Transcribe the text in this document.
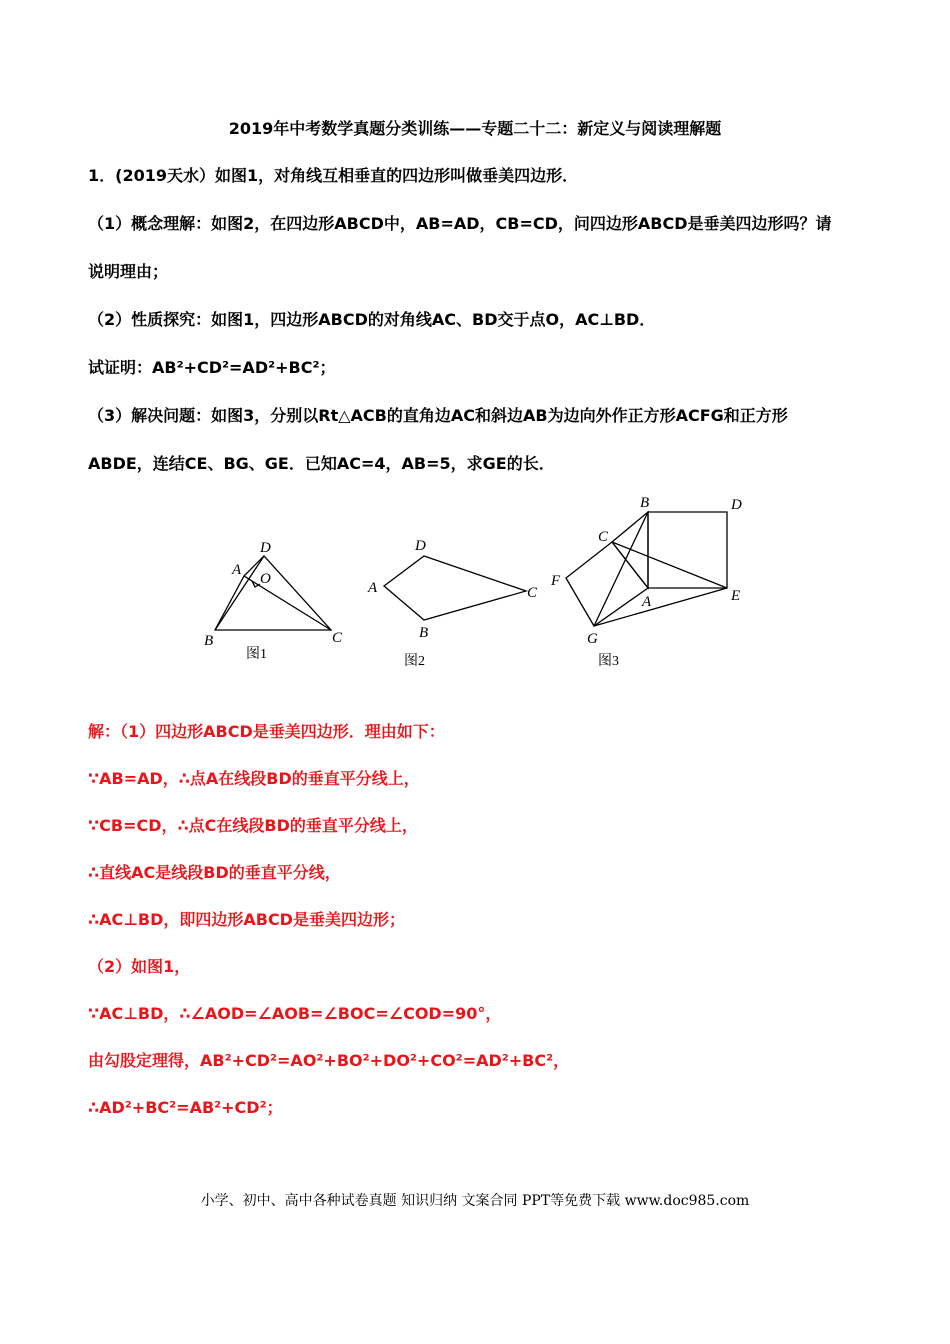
2019年中考数学真题分类训练——专题二十二：新定义与阅读理解题
1．(2019天水）如图1，对角线互相垂直的四边形叫做垂美四边形．
（1）概念理解：如图2，在四边形ABCD中，AB=AD，CB=CD，问四边形ABCD是垂美四边形吗？请
说明理由；
（2）性质探究：如图1，四边形ABCD的对角线AC、BD交于点O，AC⊥BD．
试证明：AB²+CD²=AD²+BC²；
（3）解决问题：如图3，分别以Rt△ACB的直角边AC和斜边AB为边向外作正方形ACFG和正方形
ABDE，连结CE、BG、GE．已知AC=4，AB=5，求GE的长．
A
B	C
D
O
图1
A
B
C
D
图2
B	D
C
F
A	E
G
图3
解：（1）四边形ABCD是垂美四边形．理由如下：
∵AB=AD，∴点A在线段BD的垂直平分线上，
∵CB=CD，∴点C在线段BD的垂直平分线上，
∴直线AC是线段BD的垂直平分线，
∴AC⊥BD，即四边形ABCD是垂美四边形；
（2）如图1，
∵AC⊥BD，∴∠AOD=∠AOB=∠BOC=∠COD=90°，
由勾股定理得，AB²+CD²=AO²+BO²+DO²+CO²=AD²+BC²，
∴AD²+BC²=AB²+CD²；
小学、初中、高中各种试卷真题 知识归纳 文案合同 PPT等免费下载 www.doc985.com
